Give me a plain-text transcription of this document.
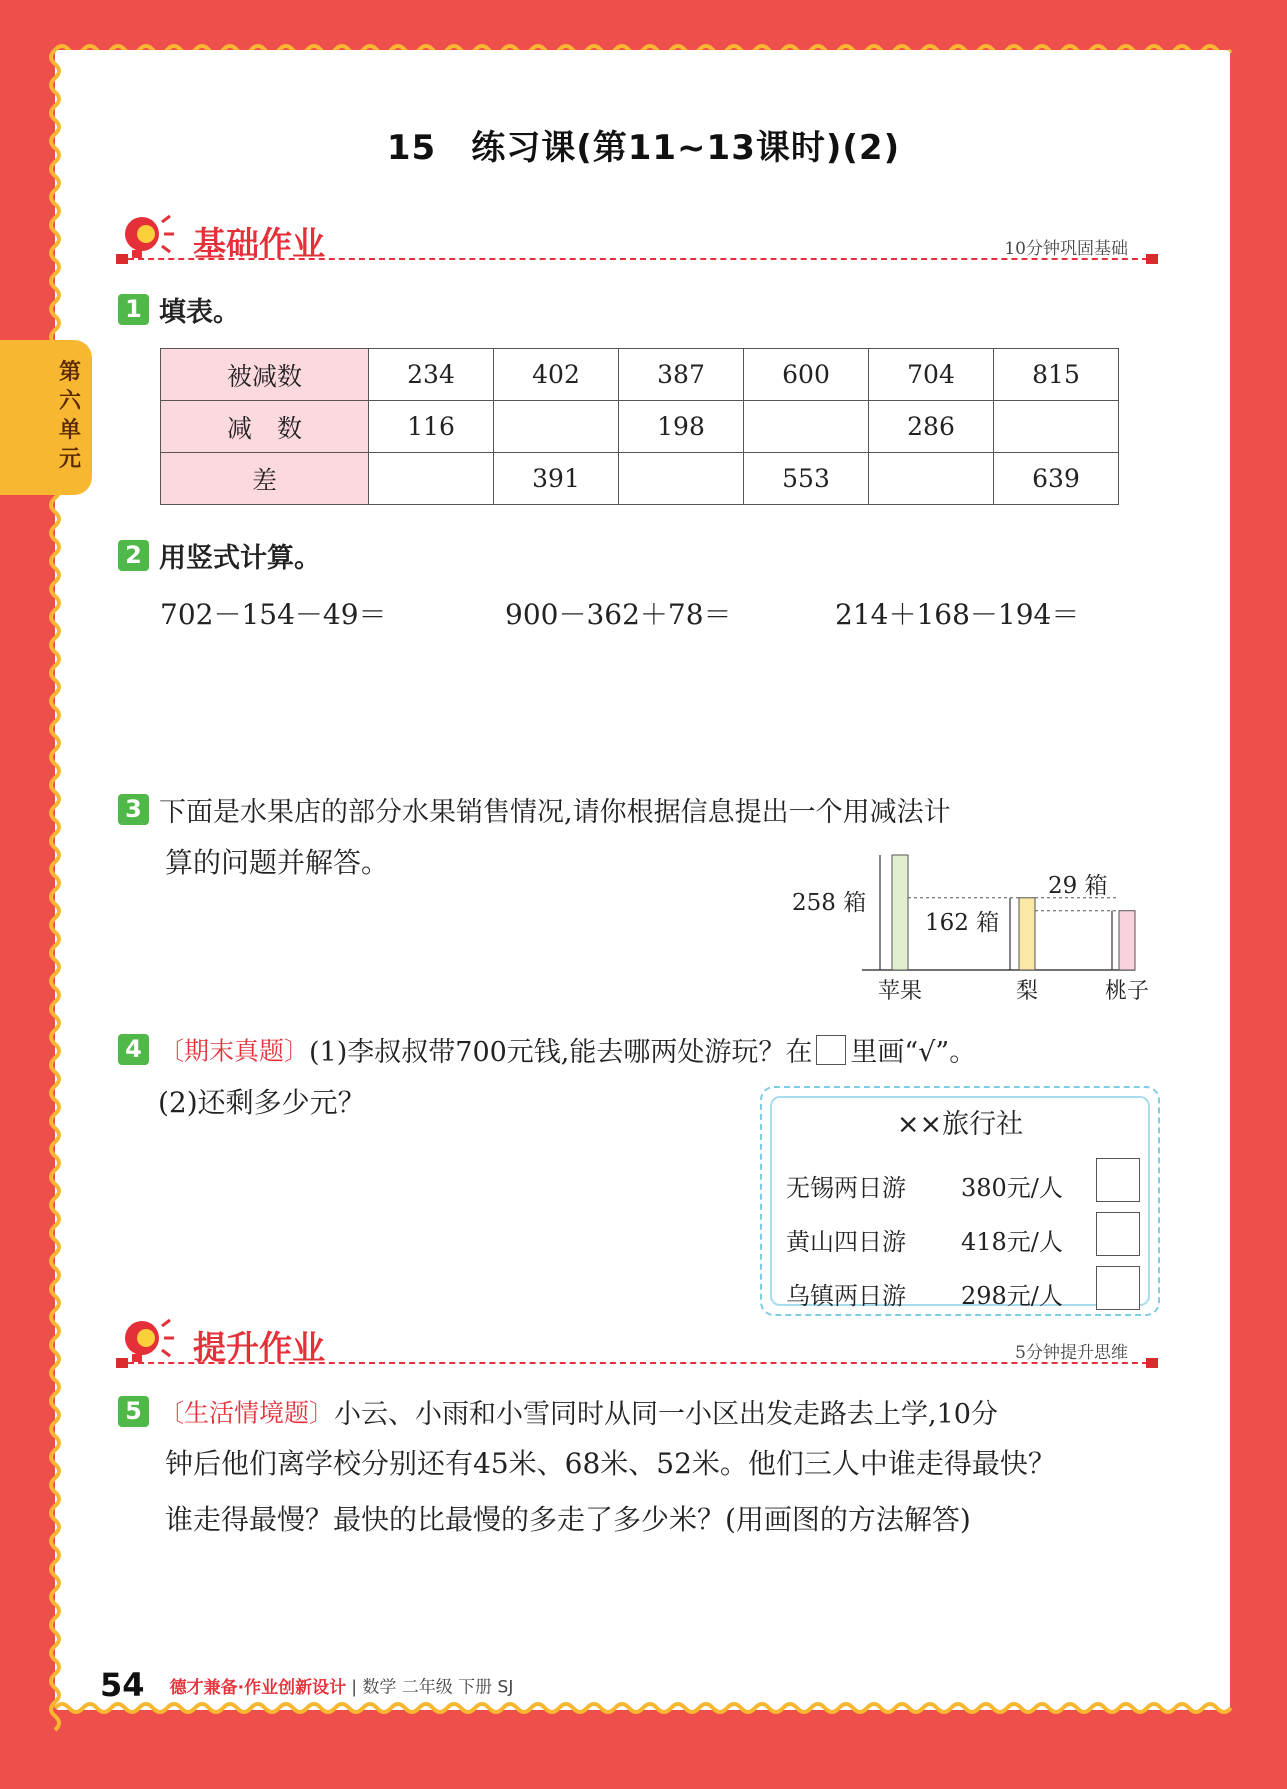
第六单元
15　练习课(第11~13课时)(2)
基础作业	10分钟巩固基础
1 填表。
被减数	234	402	387	600	704	815
减　数	116		198		286	
差		391		553		639
2 用竖式计算。
702－154－49＝	900－362＋78＝	214＋168－194＝
3 下面是水果店的部分水果销售情况,请你根据信息提出一个用减法计
算的问题并解答。
苹果	梨	桃子
258 箱
162 箱
29 箱
4 〔期末真题〕(1)李叔叔带700元钱,能去哪两处游玩？在 里画“√”。
(2)还剩多少元？
××旅行社
无锡两日游 380元/人
黄山四日游 418元/人
乌镇两日游 298元/人
提升作业	5分钟提升思维
5 〔生活情境题〕小云、小雨和小雪同时从同一小区出发走路去上学,10分
钟后他们离学校分别还有45米、68米、52米。他们三人中谁走得最快？
谁走得最慢？最快的比最慢的多走了多少米？(用画图的方法解答)
54 德才兼备·作业创新设计 | 数学 二年级 下册 SJ
